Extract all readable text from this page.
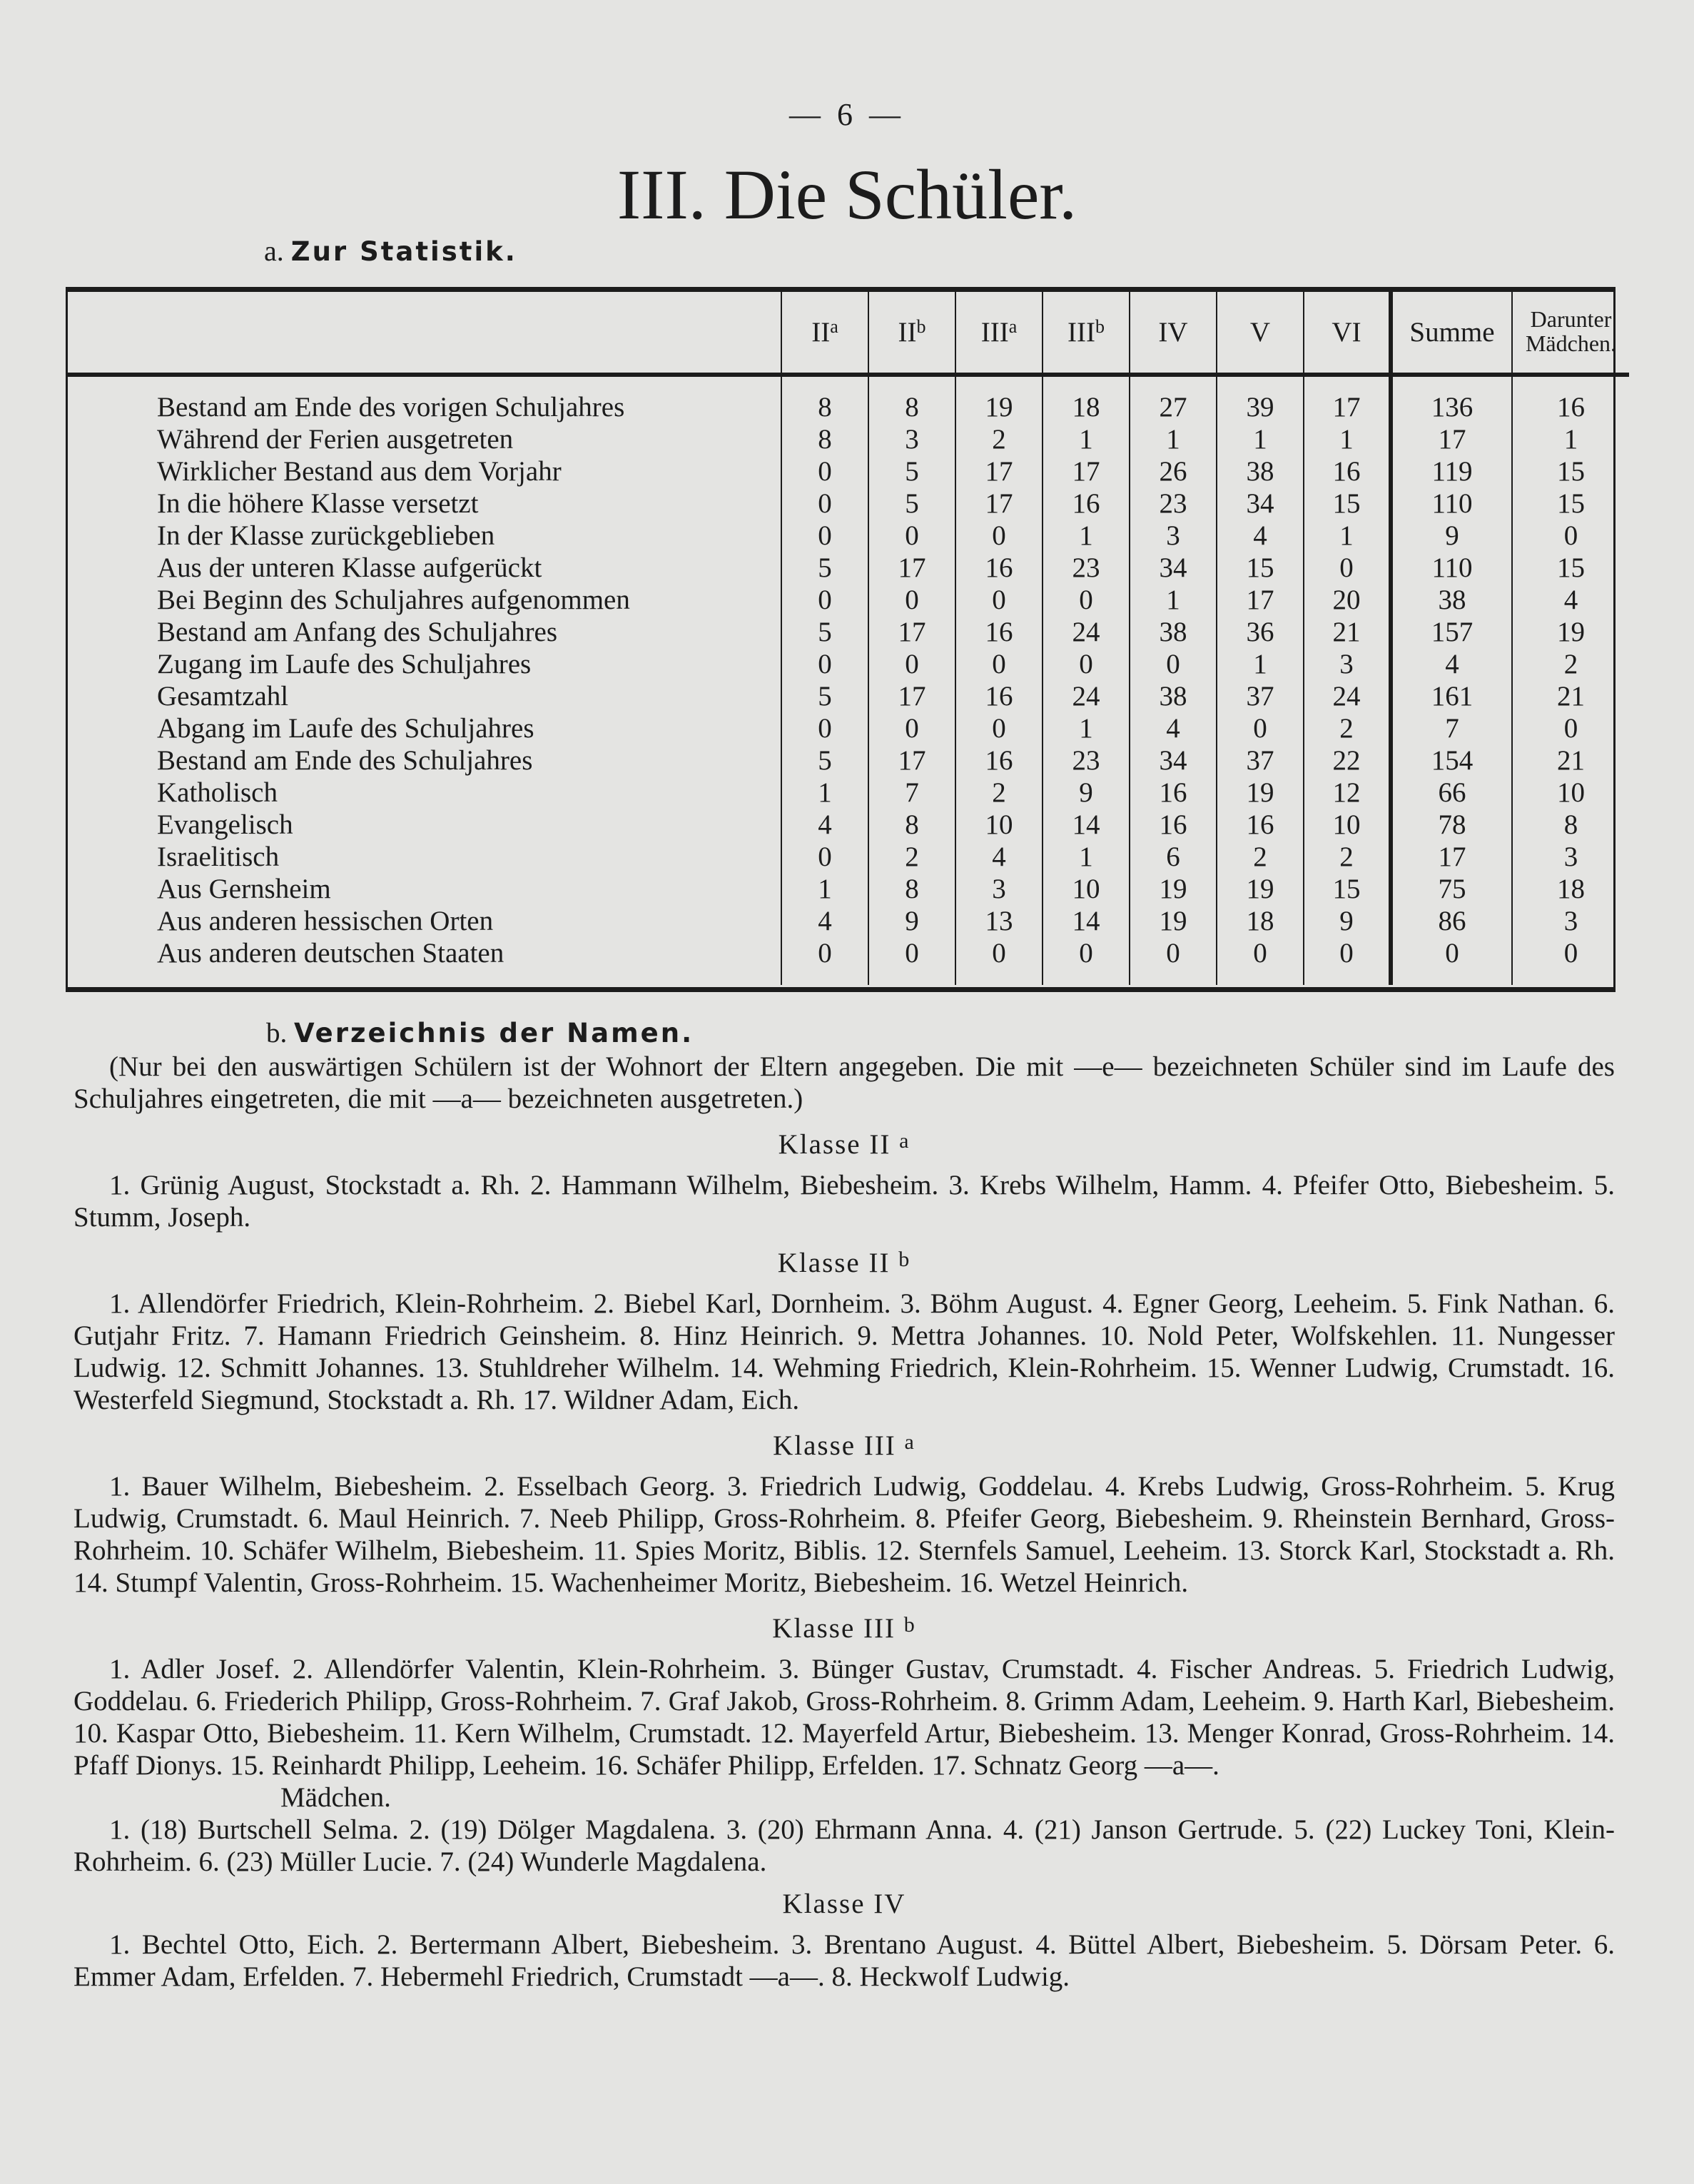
— 6 —
III. Die Schüler.
a. Zur Statistik.
	$II^a$	$II^b$	III$^a$	III$^b$	IV	V	VI	Summe	Darunter
Mädchen.
Bestand am Ende des vorigen Schuljahres	8	8	19	18	27	39	17	136	16
Während der Ferien ausgetreten	8	3	2	1	1	1	1	17	1
Wirklicher Bestand aus dem Vorjahr	0	5	17	17	26	38	16	119	15
In die höhere Klasse versetzt	0	5	17	16	23	34	15	110	15
In der Klasse zurückgeblieben	0	0	0	1	3	4	1	9	0
Aus der unteren Klasse aufgerückt	5	17	16	23	34	15	0	110	15
Bei Beginn des Schuljahres aufgenommen	0	0	0	0	1	17	20	38	4
Bestand am Anfang des Schuljahres	5	17	16	24	38	36	21	157	19
Zugang im Laufe des Schuljahres	0	0	0	0	0	1	3	4	2
Gesamtzahl	5	17	16	24	38	37	24	161	21
Abgang im Laufe des Schuljahres	0	0	0	1	4	0	2	7	0
Bestand am Ende des Schuljahres	5	17	16	23	34	37	22	154	21
Katholisch	1	7	2	9	16	19	12	66	10
Evangelisch	4	8	10	14	16	16	10	78	8
Israelitisch	0	2	4	1	6	2	2	17	3
Aus Gernsheim	1	8	3	10	19	19	15	75	18
Aus anderen hessischen Orten	4	9	13	14	19	18	9	86	3
Aus anderen deutschen Staaten	0	0	0	0	0	0	0	0	0

b. Verzeichnis der Namen.

(Nur bei den auswärtigen Schülern ist der Wohnort der Eltern angegeben. Die mit —e— bezeichneten Schüler sind im Laufe des Schuljahres eingetreten, die mit —a— bezeichneten ausgetreten.)

Klasse II $^a$

1. Grünig August, Stockstadt a. Rh. 2. Hammann Wilhelm, Biebesheim. 3. Krebs Wilhelm, Hamm. 4. Pfeifer Otto, Biebesheim. 5. Stumm, Joseph.

Klasse II $^b$

1. Allendörfer Friedrich, Klein-Rohrheim. 2. Biebel Karl, Dornheim. 3. Böhm August. 4. Egner Georg, Leeheim. 5. Fink Nathan. 6. Gutjahr Fritz. 7. Hamann Friedrich Geinsheim. 8. Hinz Heinrich. 9. Mettra Johannes. 10. Nold Peter, Wolfskehlen. 11. Nungesser Ludwig. 12. Schmitt Johannes. 13. Stuhldreher Wilhelm. 14. Wehming Friedrich, Klein-Rohrheim. 15. Wenner Ludwig, Crumstadt. 16. Westerfeld Siegmund, Stockstadt a. Rh. 17. Wildner Adam, Eich.

Klasse III $^a$

1. Bauer Wilhelm, Biebesheim. 2. Esselbach Georg. 3. Friedrich Ludwig, Goddelau. 4. Krebs Ludwig, Gross-Rohrheim. 5. Krug Ludwig, Crumstadt. 6. Maul Heinrich. 7. Neeb Philipp, Gross-Rohrheim. 8. Pfeifer Georg, Biebesheim. 9. Rheinstein Bernhard, Gross-Rohrheim. 10. Schäfer Wilhelm, Biebesheim. 11. Spies Moritz, Biblis. 12. Sternfels Samuel, Leeheim. 13. Storck Karl, Stockstadt a. Rh. 14. Stumpf Valentin, Gross-Rohrheim. 15. Wachenheimer Moritz, Biebesheim. 16. Wetzel Heinrich.

Klasse III $^b$

1. Adler Josef. 2. Allendörfer Valentin, Klein-Rohrheim. 3. Bünger Gustav, Crumstadt. 4. Fischer Andreas. 5. Friedrich Ludwig, Goddelau. 6. Friederich Philipp, Gross-Rohrheim. 7. Graf Jakob, Gross-Rohrheim. 8. Grimm Adam, Leeheim. 9. Harth Karl, Biebesheim. 10. Kaspar Otto, Biebesheim. 11. Kern Wilhelm, Crumstadt. 12. Mayerfeld Artur, Biebesheim. 13. Menger Konrad, Gross-Rohrheim. 14. Pfaff Dionys. 15. Reinhardt Philipp, Leeheim. 16. Schäfer Philipp, Erfelden. 17. Schnatz Georg —a—.

Mädchen.

1. (18) Burtschell Selma. 2. (19) Dölger Magdalena. 3. (20) Ehrmann Anna. 4. (21) Janson Gertrude. 5. (22) Luckey Toni, Klein-Rohrheim. 6. (23) Müller Lucie. 7. (24) Wunderle Magdalena.

Klasse IV

1. Bechtel Otto, Eich. 2. Bertermann Albert, Biebesheim. 3. Brentano August. 4. Büttel Albert, Biebesheim. 5. Dörsam Peter. 6. Emmer Adam, Erfelden. 7. Hebermehl Friedrich, Crumstadt —a—. 8. Heckwolf Ludwig.
